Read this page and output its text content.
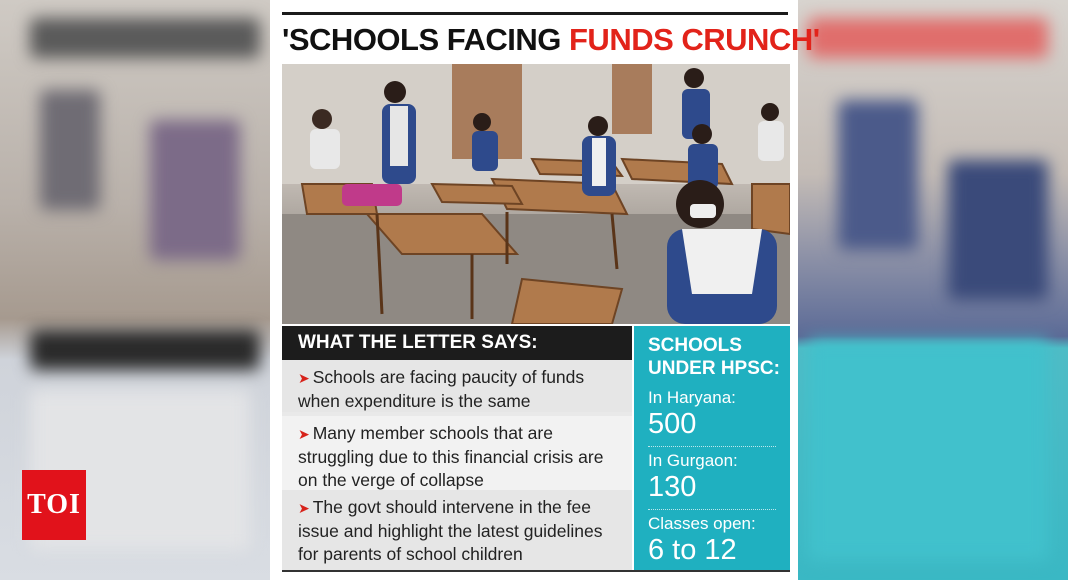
TOI
'SCHOOLS FACING FUNDS CRUNCH'
WHAT THE LETTER SAYS:
➤ Schools are facing paucity of funds when expenditure is the same
➤ Many member schools that are struggling due to this financial crisis are on the verge of collapse
➤ The govt should intervene in the fee issue and highlight the latest guidelines for parents of school children
SCHOOLS UNDER HPSC:
In Haryana:
500
In Gurgaon:
130
Classes open:
6 to 12
